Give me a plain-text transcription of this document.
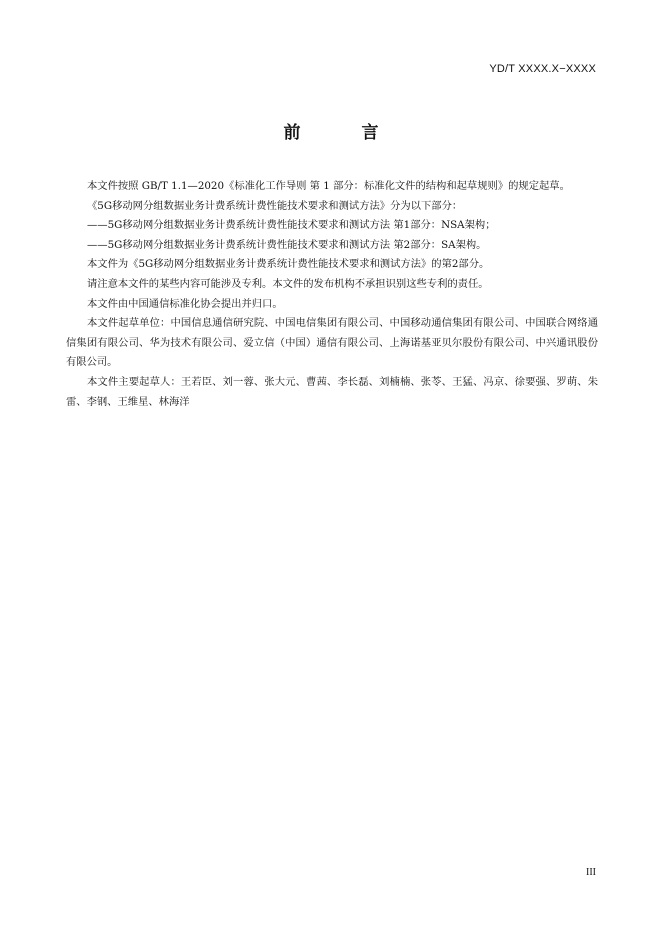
YD/T XXXX.X−XXXX
前　言

本文件按照 GB/T 1.1—2020《标准化工作导则 第 1 部分：标准化文件的结构和起草规则》的规定起草。

《5G移动网分组数据业务计费系统计费性能技术要求和测试方法》分为以下部分：

——5G移动网分组数据业务计费系统计费性能技术要求和测试方法 第1部分：NSA架构；

——5G移动网分组数据业务计费系统计费性能技术要求和测试方法 第2部分：SA架构。

本文件为《5G移动网分组数据业务计费系统计费性能技术要求和测试方法》的第2部分。

请注意本文件的某些内容可能涉及专利。本文件的发布机构不承担识别这些专利的责任。

本文件由中国通信标准化协会提出并归口。

本文件起草单位：中国信息通信研究院、中国电信集团有限公司、中国移动通信集团有限公司、中国联合网络通信集团有限公司、华为技术有限公司、爱立信（中国）通信有限公司、上海诺基亚贝尔股份有限公司、中兴通讯股份有限公司。

本文件主要起草人：王若臣、刘一蓉、张大元、曹茜、李长磊、刘楠楠、张苓、王猛、冯京、徐要强、罗萌、朱雷、李钢、王维星、林海洋

III
